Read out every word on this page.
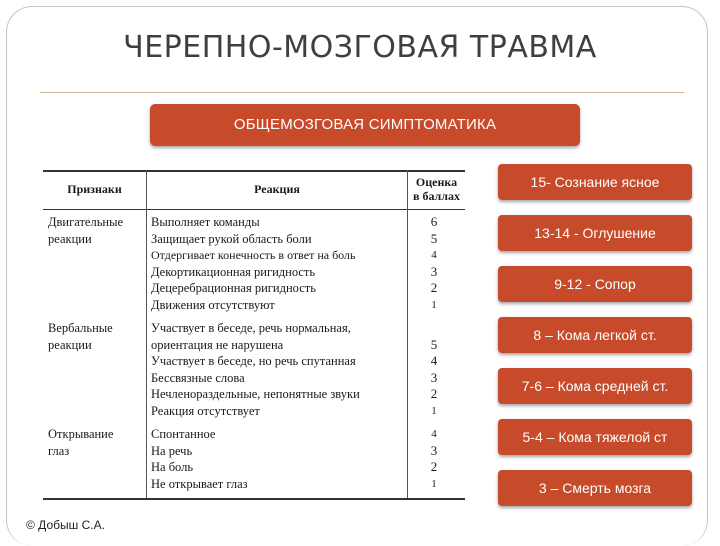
ЧЕРЕПНО-МОЗГОВАЯ ТРАВМА
ОБЩЕМОЗГОВАЯ СИМПТОМАТИКА
Признаки	Реакция	Оценка
в баллах
Двигательные
реакции
Выполняет команды	6
Защищает рукой область боли	5
Отдергивает конечность в ответ на боль	4
Декортикационная ригидность	3
Децеребрационная ригидность	2
Движения отсутствуют	1
Вербальные
реакции
Участвует в беседе, речь нормальная,
ориентация не нарушена	5
Участвует в беседе, но речь спутанная	4
Бессвязные слова	3
Нечленораздельные, непонятные звуки	2
Реакция отсутствует	1
Открывание
глаз
Спонтанное	4
На речь	3
На боль	2
Не открывает глаз	1
15- Сознание ясное
13-14 - Оглушение
9-12 - Сопор
8 – Кома легкой ст.
7-6 – Кома средней ст.
5-4 – Кома тяжелой ст
3 – Смерть мозга
© Добыш С.А.
